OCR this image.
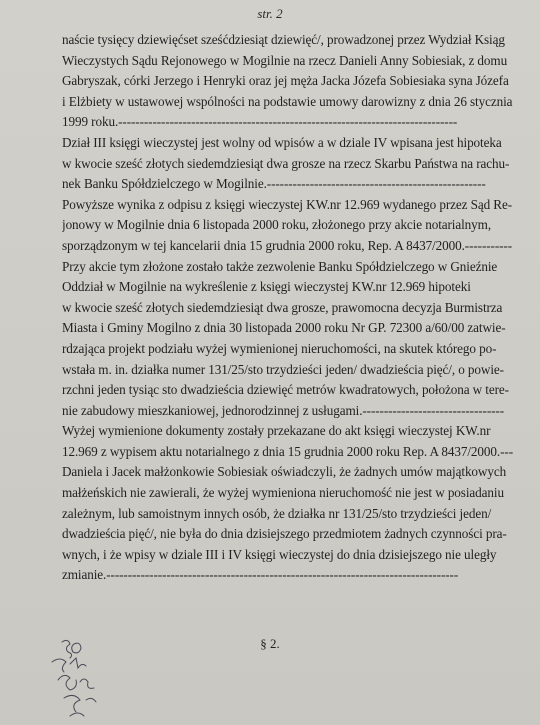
str. 2
naście tysięcy dziewięćset sześćdziesiąt dziewięć/, prowadzonej przez Wydział Ksiąg
Wieczystych Sądu Rejonowego w Mogilnie na rzecz Danieli Anny Sobiesiak, z domu
Gabryszak, córki Jerzego i Henryki oraz jej męża Jacka Józefa Sobiesiaka syna Józefa
i Elżbiety w ustawowej wspólności na podstawie umowy darowizny z dnia 26 stycznia
1999 roku.-------------------------------------------------------------------------------
Dział III księgi wieczystej jest wolny od wpisów a w dziale IV wpisana jest hipoteka
w kwocie sześć złotych siedemdziesiąt dwa grosze na rzecz Skarbu Państwa na rachu-
nek Banku Spółdzielczego w Mogilnie.---------------------------------------------------
Powyższe wynika z odpisu z księgi wieczystej KW.nr 12.969 wydanego przez Sąd Re-
jonowy w Mogilnie dnia 6 listopada 2000 roku, złożonego przy akcie notarialnym,
sporządzonym w tej kancelarii dnia 15 grudnia 2000 roku, Rep. A 8437/2000.-----------
Przy akcie tym złożone zostało także zezwolenie Banku Spółdzielczego w Gnieźnie
Oddział w Mogilnie na wykreślenie z księgi wieczystej KW.nr 12.969 hipoteki
w kwocie sześć złotych siedemdziesiąt dwa grosze, prawomocna decyzja Burmistrza
Miasta i Gminy Mogilno z dnia 30 listopada 2000 roku Nr GP. 72300 a/60/00 zatwie-
rdzająca projekt podziału wyżej wymienionej nieruchomości, na skutek którego po-
wstała m. in. działka numer 131/25/sto trzydzieści jeden/ dwadzieścia pięć/, o powie-
rzchni jeden tysiąc sto dwadzieścia dziewięć metrów kwadratowych, położona w tere-
nie zabudowy mieszkaniowej, jednorodzinnej z usługami.---------------------------------
Wyżej wymienione dokumenty zostały przekazane do akt księgi wieczystej KW.nr
12.969 z wypisem aktu notarialnego z dnia 15 grudnia 2000 roku Rep. A 8437/2000.---
Daniela i Jacek małżonkowie Sobiesiak oświadczyli, że żadnych umów majątkowych
małżeńskich nie zawierali, że wyżej wymieniona nieruchomość nie jest w posiadaniu
zależnym, lub samoistnym innych osób, że działka nr 131/25/sto trzydzieści jeden/
dwadzieścia pięć/, nie była do dnia dzisiejszego przedmiotem żadnych czynności pra-
wnych, i że wpisy w dziale III i IV księgi wieczystej do dnia dzisiejszego nie uległy
zmianie.----------------------------------------------------------------------------------
§ 2.
